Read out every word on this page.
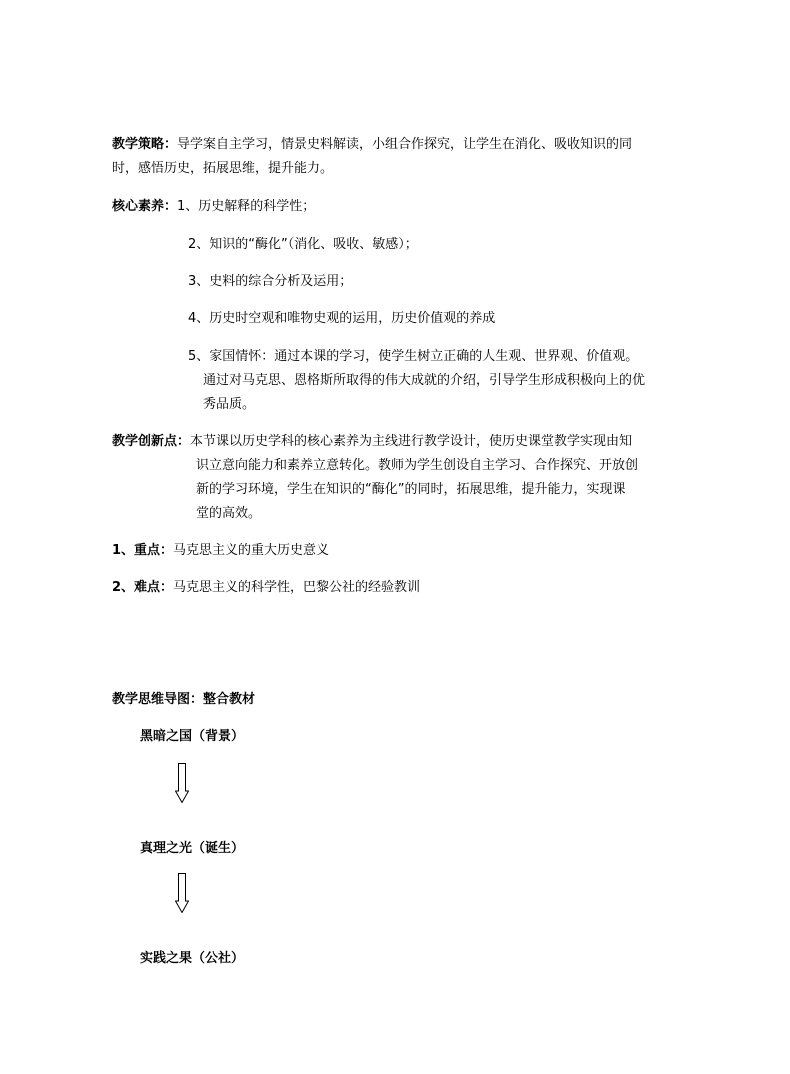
教学策略：导学案自主学习，情景史料解读，小组合作探究，让学生在消化、吸收知识的同
时，感悟历史，拓展思维，提升能力。
核心素养：1、历史解释的科学性；
2、知识的“酶化”（消化、吸收、敏感）；
3、史料的综合分析及运用；
4、历史时空观和唯物史观的运用，历史价值观的养成
5、家国情怀：通过本课的学习，使学生树立正确的人生观、世界观、价值观。
通过对马克思、恩格斯所取得的伟大成就的介绍，引导学生形成积极向上的优
秀品质。
教学创新点：本节课以历史学科的核心素养为主线进行教学设计，使历史课堂教学实现由知
识立意向能力和素养立意转化。教师为学生创设自主学习、合作探究、开放创
新的学习环境，学生在知识的“酶化”的同时，拓展思维，提升能力，实现课
堂的高效。
1、重点：马克思主义的重大历史意义
2、难点：马克思主义的科学性，巴黎公社的经验教训
教学思维导图：整合教材
黑暗之国（背景）
真理之光（诞生）
实践之果（公社）
